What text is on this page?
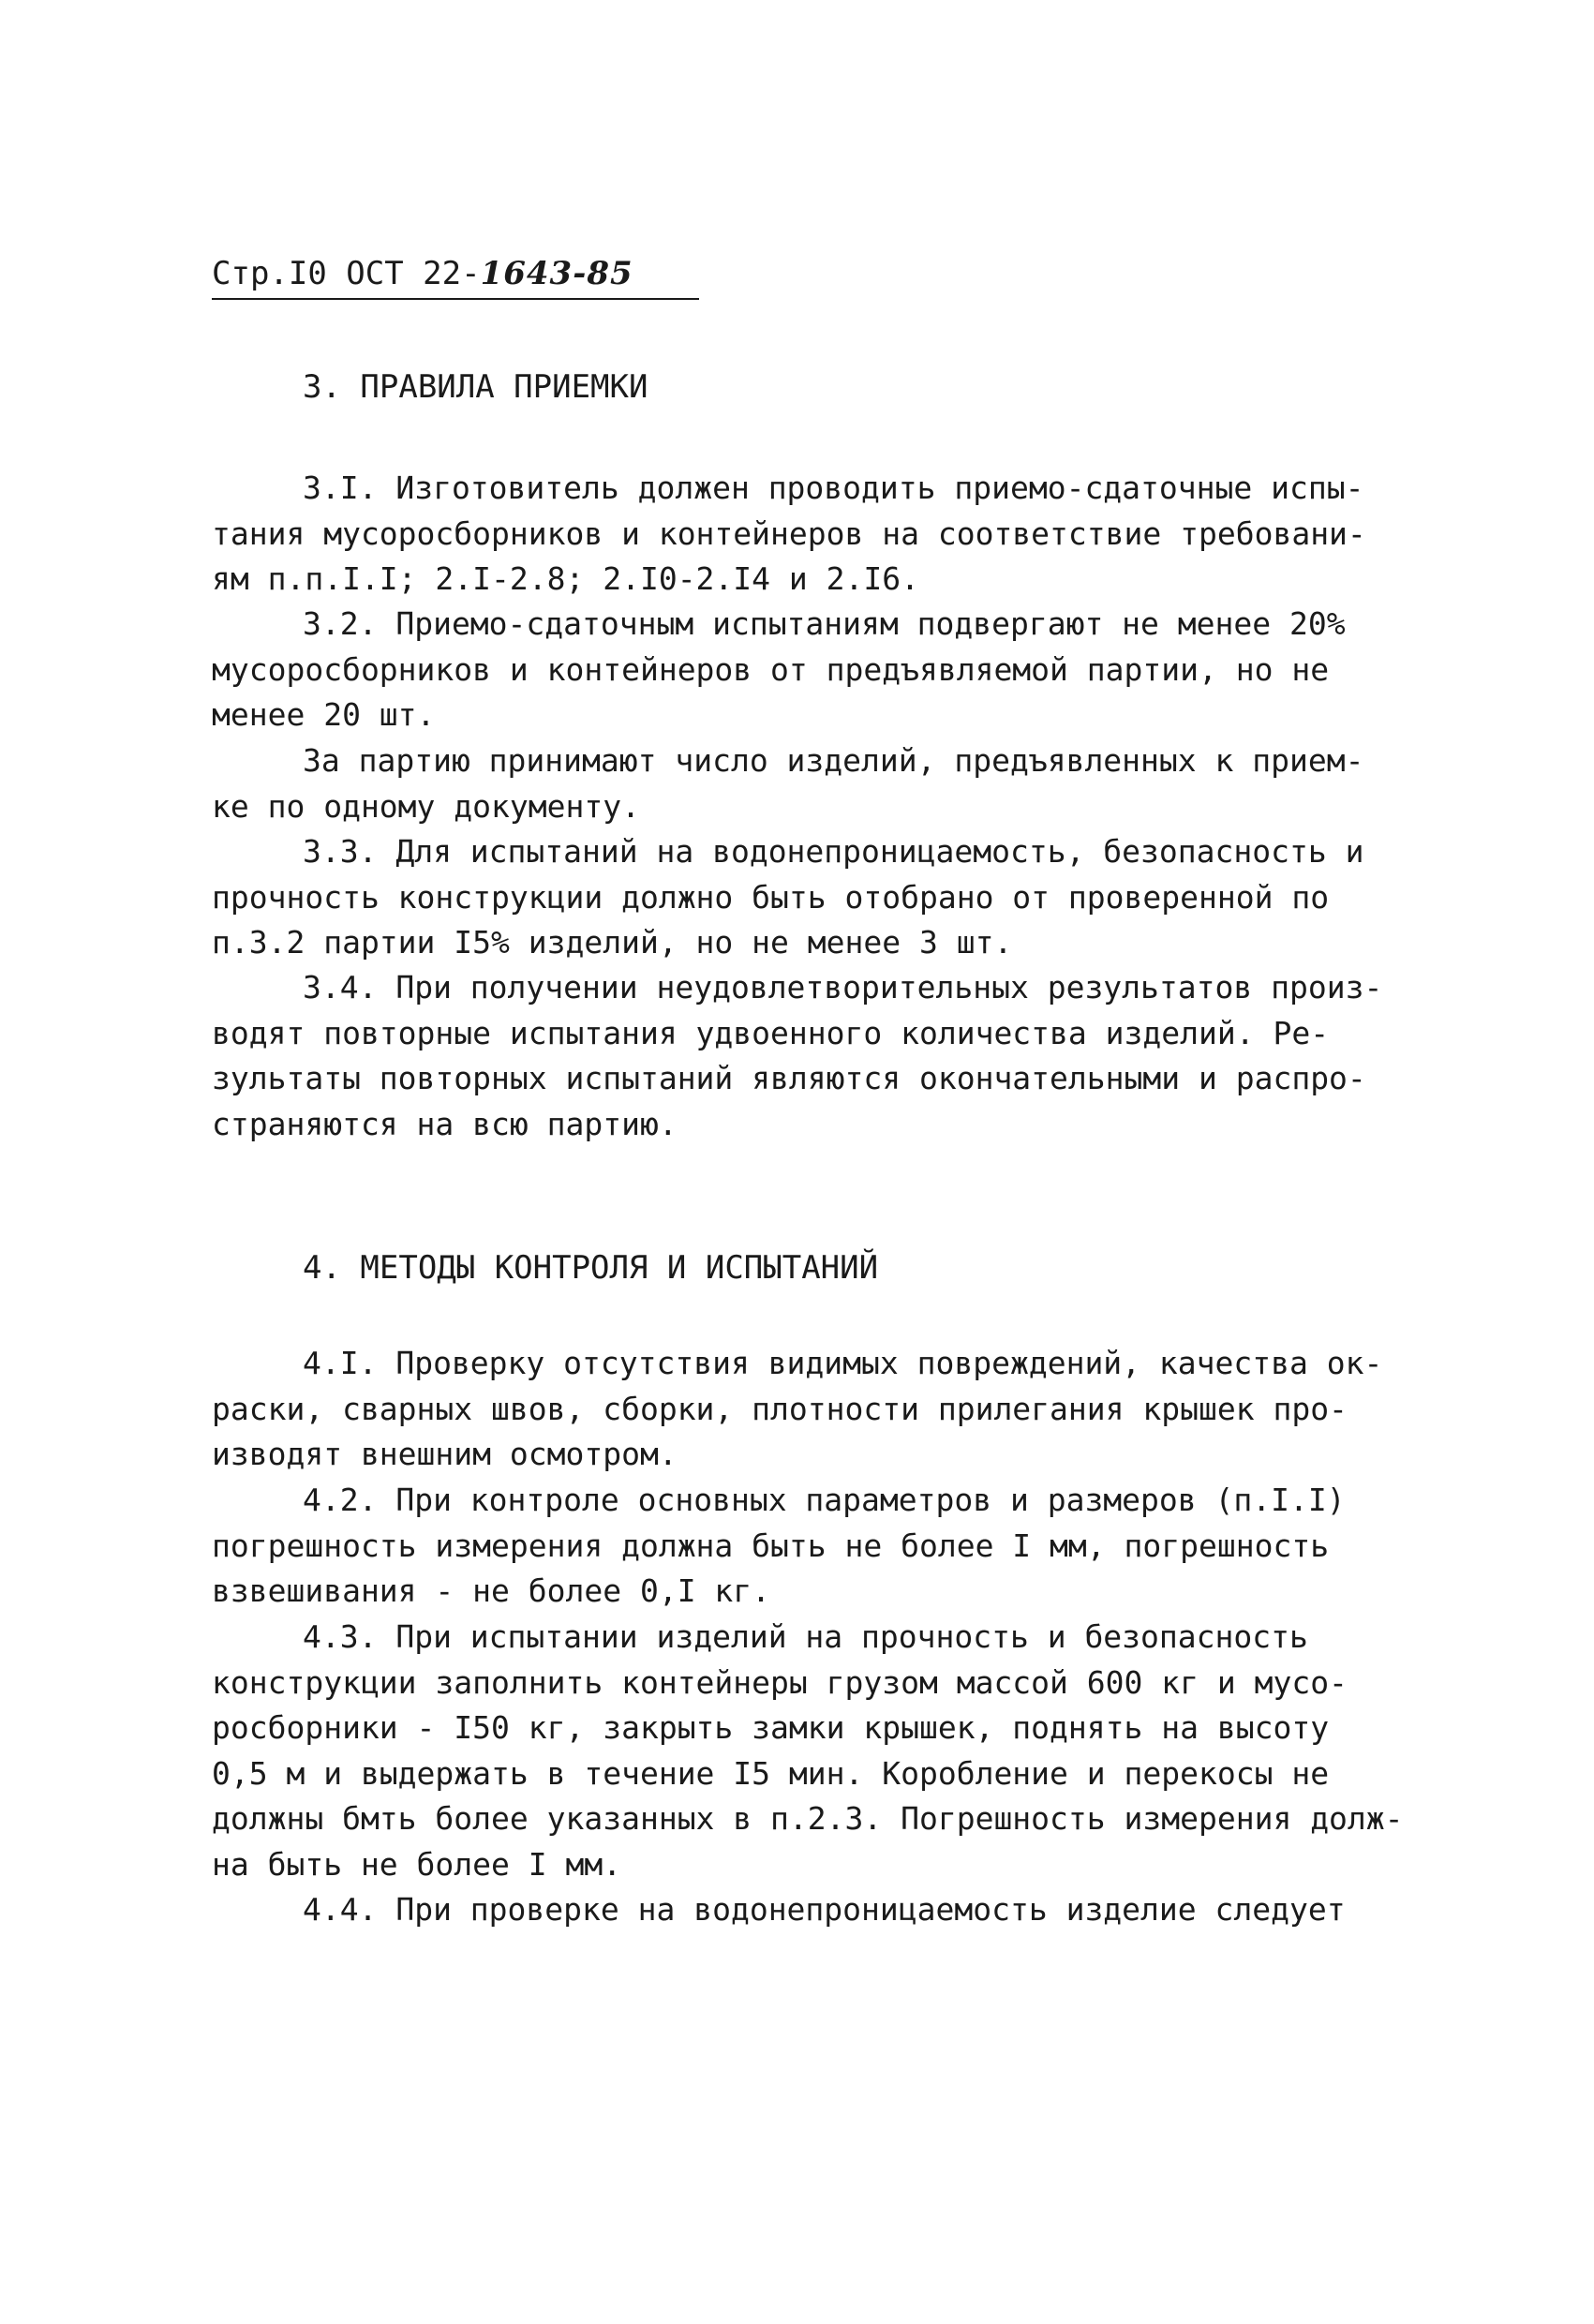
Стр.I0 ОСТ 22-1643-85
3. ПРАВИЛА ПРИЕМКИ
3.I. Изготовитель должен проводить приемо-сдаточные испы-
тания мусоросборников и контейнеров на соответствие требовани-
ям п.п.I.I; 2.I-2.8; 2.I0-2.I4 и 2.I6.
3.2. Приемо-сдаточным испытаниям подвергают не менее 20%
мусоросборников и контейнеров от предъявляемой партии, но не
менее 20 шт.
За партию принимают число изделий, предъявленных к прием-
ке по одному документу.
3.3. Для испытаний на водонепроницаемость, безопасность и
прочность конструкции должно быть отобрано от проверенной по
п.3.2 партии I5% изделий, но не менее 3 шт.
3.4. При получении неудовлетворительных результатов произ-
водят повторные испытания удвоенного количества изделий. Ре-
зультаты повторных испытаний являются окончательными и распро-
страняются на всю партию.
4. МЕТОДЫ КОНТРОЛЯ И ИСПЫТАНИЙ
4.I. Проверку отсутствия видимых повреждений, качества ок-
раски, сварных швов, сборки, плотности прилегания крышек про-
изводят внешним осмотром.
4.2. При контроле основных параметров и размеров (п.I.I)
погрешность измерения должна быть не более I мм, погрешность
взвешивания - не более 0,I кг.
4.3. При испытании изделий на прочность и безопасность
конструкции заполнить контейнеры грузом массой 600 кг и мусо-
росборники - I50 кг, закрыть замки крышек, поднять на высоту
0,5 м и выдержать в течение I5 мин. Коробление и перекосы не
должны бмть более указанных в п.2.3. Погрешность измерения долж-
на быть не более I мм.
4.4. При проверке на водонепроницаемость изделие следует
